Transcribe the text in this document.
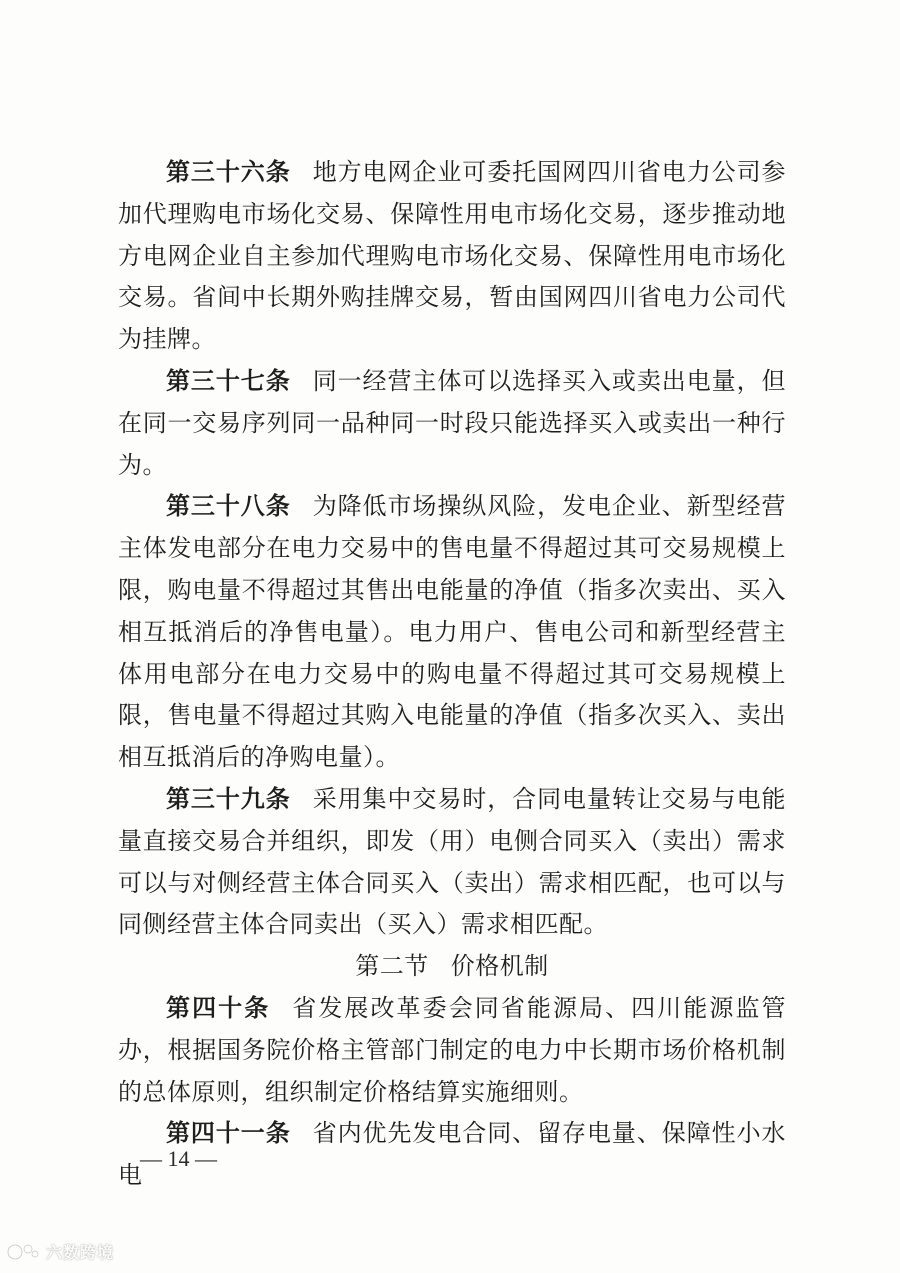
第三十六条 地方电网企业可委托国网四川省电力公司参加代理购电市场化交易、保障性用电市场化交易，逐步推动地方电网企业自主参加代理购电市场化交易、保障性用电市场化交易。省间中长期外购挂牌交易，暂由国网四川省电力公司代为挂牌。

第三十七条 同一经营主体可以选择买入或卖出电量，但在同一交易序列同一品种同一时段只能选择买入或卖出一种行为。

第三十八条 为降低市场操纵风险，发电企业、新型经营主体发电部分在电力交易中的售电量不得超过其可交易规模上限，购电量不得超过其售出电能量的净值（指多次卖出、买入相互抵消后的净售电量）。电力用户、售电公司和新型经营主体用电部分在电力交易中的购电量不得超过其可交易规模上限，售电量不得超过其购入电能量的净值（指多次买入、卖出相互抵消后的净购电量）。

第三十九条 采用集中交易时，合同电量转让交易与电能量直接交易合并组织，即发（用）电侧合同买入（卖出）需求可以与对侧经营主体合同买入（卖出）需求相匹配，也可以与同侧经营主体合同卖出（买入）需求相匹配。

第二节 价格机制

第四十条 省发展改革委会同省能源局、四川能源监管办，根据国务院价格主管部门制定的电力中长期市场价格机制的总体原则，组织制定价格结算实施细则。

第四十一条 省内优先发电合同、留存电量、保障性小水电

— 14 —
六数跨境
